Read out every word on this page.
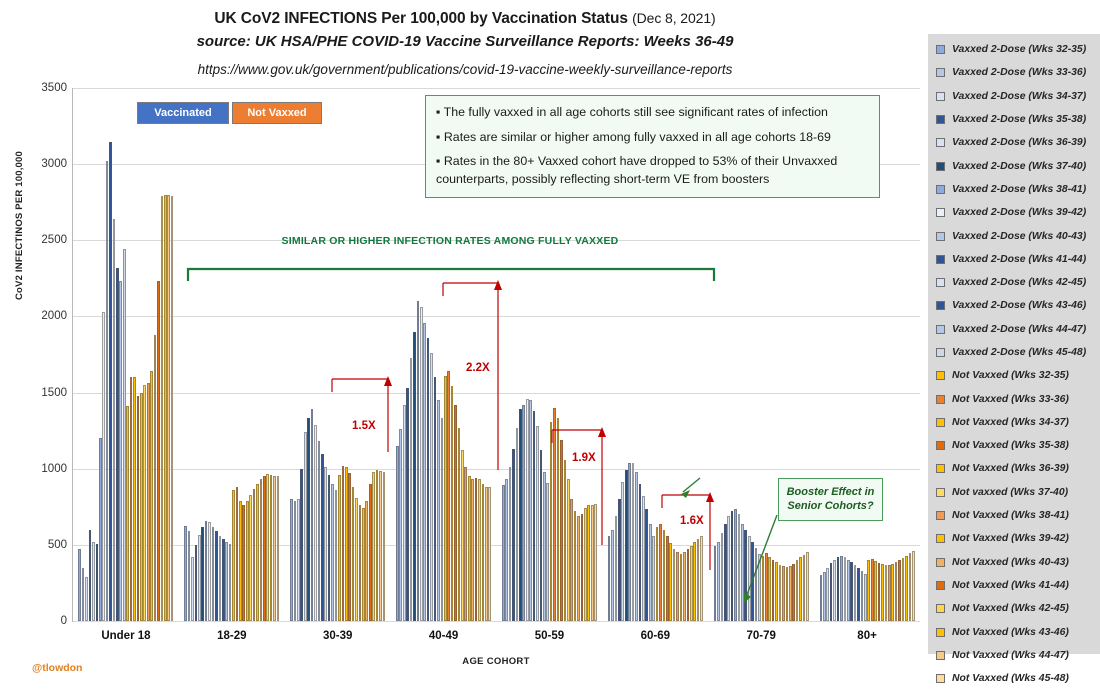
UK CoV2 INFECTIONS Per 100,000 by Vaccination Status (Dec 8, 2021)
source: UK HSA/PHE COVID-19 Vaccine Surveillance Reports: Weeks 36-49
https://www.gov.uk/government/publications/covid-19-vaccine-weekly-surveillance-reports
CoV2 INFECTINOS PER 100,000
AGE COHORT
0
500
1000
1500
2000
2500
3000
3500
Under 18	18-29	30-39	40-49	50-59	60-69	70-79	80+
Vaccinated	Not Vaxxed	▪ The fully vaxxed in all age cohorts still see significant rates of infection
▪ Rates are similar or higher among fully vaxxed in all age cohorts 18-69
▪ Rates in the 80+ Vaxxed cohort have dropped to 53% of their Unvaxxed counterparts, possibly reflecting short-term VE from boosters
SIMILAR OR HIGHER INFECTION RATES AMONG FULLY VAXXED
1.5X
2.2X
1.9X
1.6X
Booster Effect in Senior Cohorts?
Vaxxed 2-Dose (Wks 32-35)
Vaxxed 2-Dose (Wks 33-36)
Vaxxed 2-Dose (Wks 34-37)
Vaxxed 2-Dose (Wks 35-38)
Vaxxed 2-Dose (Wks 36-39)
Vaxxed 2-Dose (Wks 37-40)
Vaxxed 2-Dose (Wks 38-41)
Vaxxed 2-Dose (Wks 39-42)
Vaxxed 2-Dose (Wks 40-43)
Vaxxed 2-Dose (Wks 41-44)
Vaxxed 2-Dose (Wks 42-45)
Vaxxed 2-Dose (Wks 43-46)
Vaxxed 2-Dose (Wks 44-47)
Vaxxed 2-Dose (Wks 45-48)
Not Vaxxed (Wks 32-35)
Not Vaxxed (Wks 33-36)
Not Vaxxed (Wks 34-37)
Not Vaxxed (Wks 35-38)
Not Vaxxed (Wks 36-39)
Not vaxxed (Wks 37-40)
Not Vaxxed (Wks 38-41)
Not Vaxxed (Wks 39-42)
Not Vaxxed (Wks 40-43)
Not Vaxxed (Wks 41-44)
Not Vaxxed (Wks 42-45)
Not Vaxxed (Wks 43-46)
Not Vaxxed (Wks 44-47)
Not Vaxxed (Wks 45-48)
@tlowdon
